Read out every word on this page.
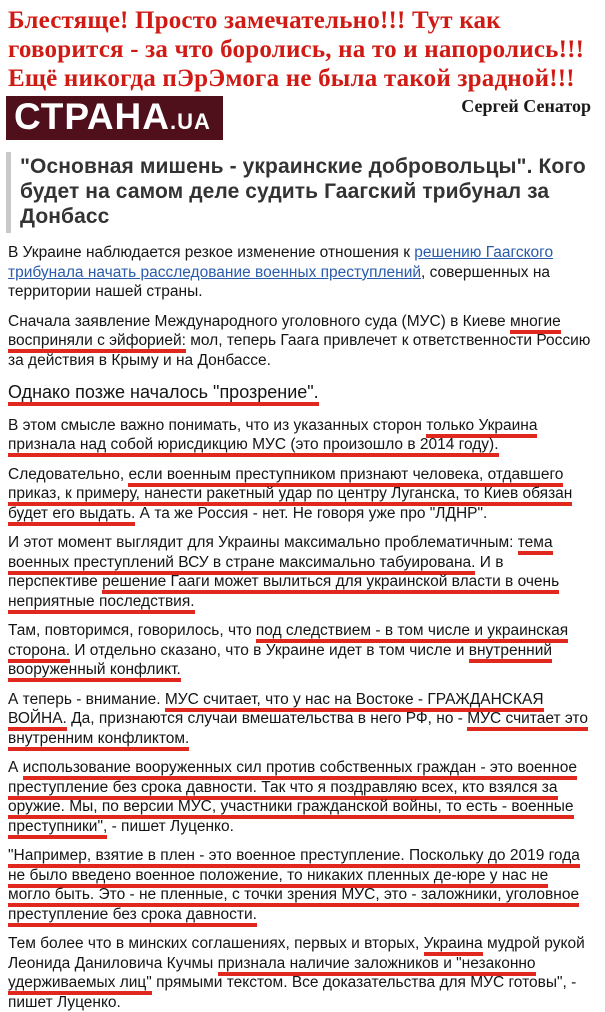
Блестяще! Просто замечательно!!! Тут как говорится - за что боролись, на то и напоролись!!! Ещё никогда пЭрЭмога не была такой зрадной!!!
СТРАНА.UA
Сергей Сенатор
"Основная мишень - украинские добровольцы". Кого будет на самом деле судить Гаагский трибунал за Донбасс

В Украине наблюдается резкое изменение отношения к решению Гаагского трибунала начать расследование военных преступлений, совершенных на территории нашей страны.

Сначала заявление Международного уголовного суда (МУС) в Киеве многие восприняли с эйфорией: мол, теперь Гаага привлечет к ответственности Россию за действия в Крыму и на Донбассе.

Однако позже началось "прозрение".

В этом смысле важно понимать, что из указанных сторон только Украина признала над собой юрисдикцию МУС (это произошло в 2014 году).

Следовательно, если военным преступником признают человека, отдавшего приказ, к примеру, нанести ракетный удар по центру Луганска, то Киев обязан будет его выдать. А та же Россия - нет. Не говоря уже про "ЛДНР".

И этот момент выглядит для Украины максимально проблематичным: тема военных преступлений ВСУ в стране максимально табуирована. И в перспективе решение Гааги может вылиться для украинской власти в очень неприятные последствия.

Там, повторимся, говорилось, что под следствием - в том числе и украинская сторона. И отдельно сказано, что в Украине идет в том числе и внутренний вооруженный конфликт.

А теперь - внимание. МУС считает, что у нас на Востоке - ГРАЖДАНСКАЯ ВОЙНА. Да, признаются случаи вмешательства в него РФ, но - МУС считает это внутренним конфликтом.

А использование вооруженных сил против собственных граждан - это военное преступление без срока давности. Так что я поздравляю всех, кто взялся за оружие. Мы, по версии МУС, участники гражданской войны, то есть - военные преступники", - пишет Луценко.

"Например, взятие в плен - это военное преступление. Поскольку до 2019 года не было введено военное положение, то никаких пленных де-юре у нас не могло быть. Это - не пленные, с точки зрения МУС, это - заложники, уголовное преступление без срока давности.

Тем более что в минских соглашениях, первых и вторых, Украина мудрой рукой Леонида Даниловича Кучмы признала наличие заложников и "незаконно удерживаемых лиц" прямыми текстом. Все доказательства для МУС готовы", - пишет Луценко.
